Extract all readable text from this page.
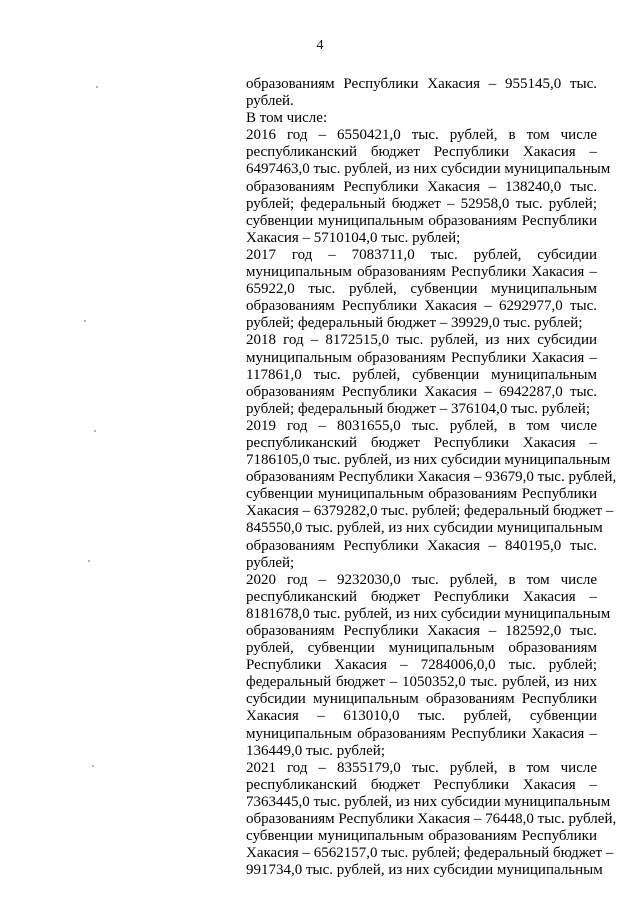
4
образованиям Республики Хакасия – 955145,0 тыс.
рублей.
В том числе:
2016 год – 6550421,0 тыс. рублей, в том числе
республиканский бюджет Республики Хакасия –
6497463,0 тыс. рублей, из них субсидии муниципальным
образованиям Республики Хакасия – 138240,0 тыс.
рублей; федеральный бюджет – 52958,0 тыс. рублей;
субвенции муниципальным образованиям Республики
Хакасия – 5710104,0 тыс. рублей;
2017 год – 7083711,0 тыс. рублей, субсидии
муниципальным образованиям Республики Хакасия –
65922,0 тыс. рублей, субвенции муниципальным
образованиям Республики Хакасия – 6292977,0 тыс.
рублей; федеральный бюджет – 39929,0 тыс. рублей;
2018 год – 8172515,0 тыс. рублей, из них субсидии
муниципальным образованиям Республики Хакасия –
117861,0 тыс. рублей, субвенции муниципальным
образованиям Республики Хакасия – 6942287,0 тыс.
рублей; федеральный бюджет – 376104,0 тыс. рублей;
2019 год – 8031655,0 тыс. рублей, в том числе
республиканский бюджет Республики Хакасия –
7186105,0 тыс. рублей, из них субсидии муниципальным
образованиям Республики Хакасия – 93679,0 тыс. рублей,
субвенции муниципальным образованиям Республики
Хакасия – 6379282,0 тыс. рублей; федеральный бюджет –
845550,0 тыс. рублей, из них субсидии муниципальным
образованиям Республики Хакасия – 840195,0 тыс.
рублей;
2020 год – 9232030,0 тыс. рублей, в том числе
республиканский бюджет Республики Хакасия –
8181678,0 тыс. рублей, из них субсидии муниципальным
образованиям Республики Хакасия – 182592,0 тыс.
рублей, субвенции муниципальным образованиям
Республики Хакасия – 7284006,0,0 тыс. рублей;
федеральный бюджет – 1050352,0 тыс. рублей, из них
субсидии муниципальным образованиям Республики
Хакасия – 613010,0 тыс. рублей, субвенции
муниципальным образованиям Республики Хакасия –
136449,0 тыс. рублей;
2021 год – 8355179,0 тыс. рублей, в том числе
республиканский бюджет Республики Хакасия –
7363445,0 тыс. рублей, из них субсидии муниципальным
образованиям Республики Хакасия – 76448,0 тыс. рублей,
субвенции муниципальным образованиям Республики
Хакасия – 6562157,0 тыс. рублей; федеральный бюджет –
991734,0 тыс. рублей, из них субсидии муниципальным
